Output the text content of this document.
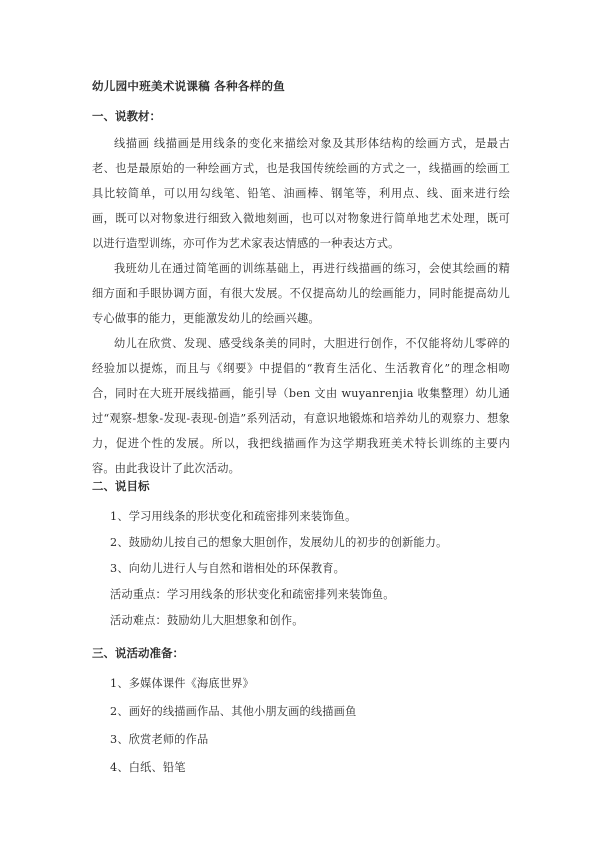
幼儿园中班美术说课稿 各种各样的鱼
一、说教材：
线描画 线描画是用线条的变化来描绘对象及其形体结构的绘画方式，是最古老、也是最原始的一种绘画方式，也是我国传统绘画的方式之一，线描画的绘画工具比较简单，可以用勾线笔、铅笔、油画棒、钢笔等，利用点、线、面来进行绘画，既可以对物象进行细致入微地刻画，也可以对物象进行简单地艺术处理，既可以进行造型训练，亦可作为艺术家表达情感的一种表达方式。
我班幼儿在通过简笔画的训练基础上，再进行线描画的练习，会使其绘画的精细方面和手眼协调方面，有很大发展。不仅提高幼儿的绘画能力，同时能提高幼儿专心做事的能力，更能激发幼儿的绘画兴趣。
幼儿在欣赏、发现、感受线条美的同时，大胆进行创作，不仅能将幼儿零碎的经验加以提炼，而且与《纲要》中提倡的“教育生活化、生活教育化”的理念相吻合，同时在大班开展线描画，能引导（ben 文由 wuyanrenjia 收集整理）幼儿通过“观察-想象-发现-表现-创造”系列活动，有意识地锻炼和培养幼儿的观察力、想象力，促进个性的发展。所以，我把线描画作为这学期我班美术特长训练的主要内容。由此我设计了此次活动。
二、说目标
1、学习用线条的形状变化和疏密排列来装饰鱼。
2、鼓励幼儿按自己的想象大胆创作，发展幼儿的初步的创新能力。
3、向幼儿进行人与自然和谐相处的环保教育。
活动重点：学习用线条的形状变化和疏密排列来装饰鱼。
活动难点：鼓励幼儿大胆想象和创作。
三、说活动准备：
1、多媒体课件《海底世界》
2、画好的线描画作品、其他小朋友画的线描画鱼
3、欣赏老师的作品
4、白纸、铅笔
